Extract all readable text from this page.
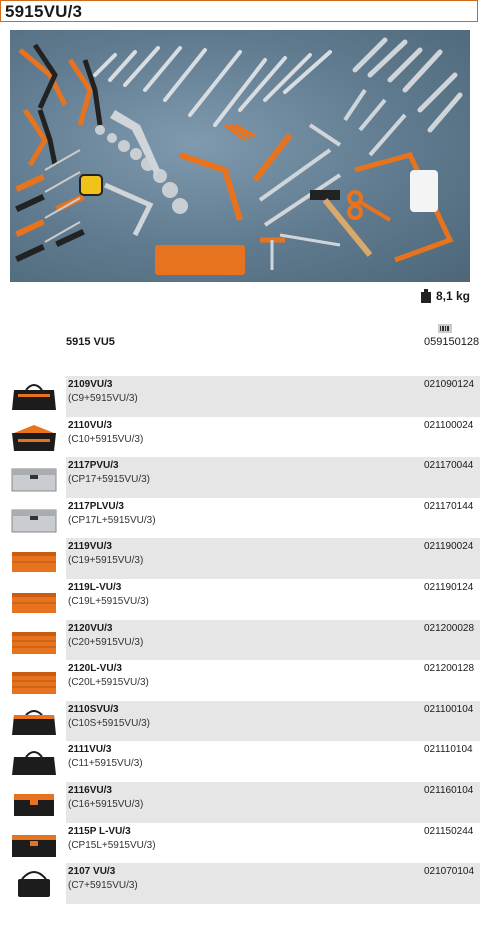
5915VU/3
8,1 kg
5915 VU5	059150128
2109VU/3
(C9+5915VU/3)
021090124
2110VU/3
(C10+5915VU/3)
021100024
2117PVU/3
(CP17+5915VU/3)
021170044
2117PLVU/3
(CP17L+5915VU/3)
021170144
2119VU/3
(C19+5915VU/3)
021190024
2119L-VU/3
(C19L+5915VU/3)
021190124
2120VU/3
(C20+5915VU/3)
021200028
2120L-VU/3
(C20L+5915VU/3)
021200128
2110SVU/3
(C10S+5915VU/3)
021100104
2111VU/3
(C11+5915VU/3)
021110104
2116VU/3
(C16+5915VU/3)
021160104
2115P L-VU/3
(CP15L+5915VU/3)
021150244
2107 VU/3
(C7+5915VU/3)
021070104
